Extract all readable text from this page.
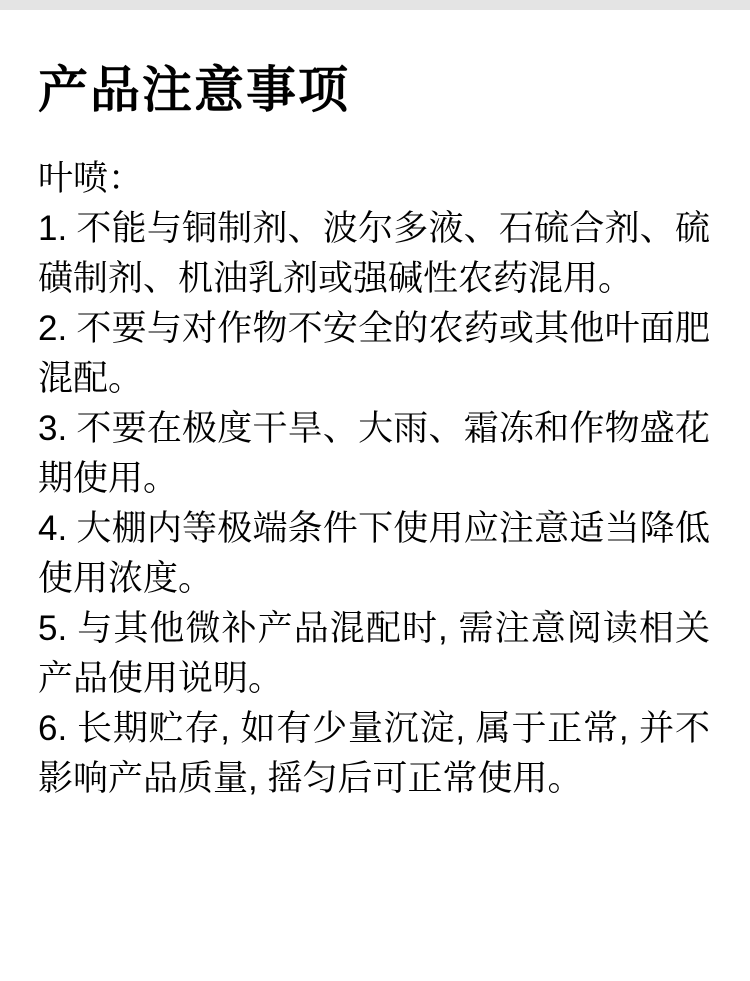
产品注意事项

叶喷：

1. 不能与铜制剂、波尔多液、石硫合剂、硫磺制剂、机油乳剂或强碱性农药混用。

2. 不要与对作物不安全的农药或其他叶面肥混配。

3. 不要在极度干旱、大雨、霜冻和作物盛花期使用。

4. 大棚内等极端条件下使用应注意适当降低使用浓度。

5. 与其他微补产品混配时, 需注意阅读相关产品使用说明。

6. 长期贮存, 如有少量沉淀, 属于正常, 并不影响产品质量, 摇匀后可正常使用。
